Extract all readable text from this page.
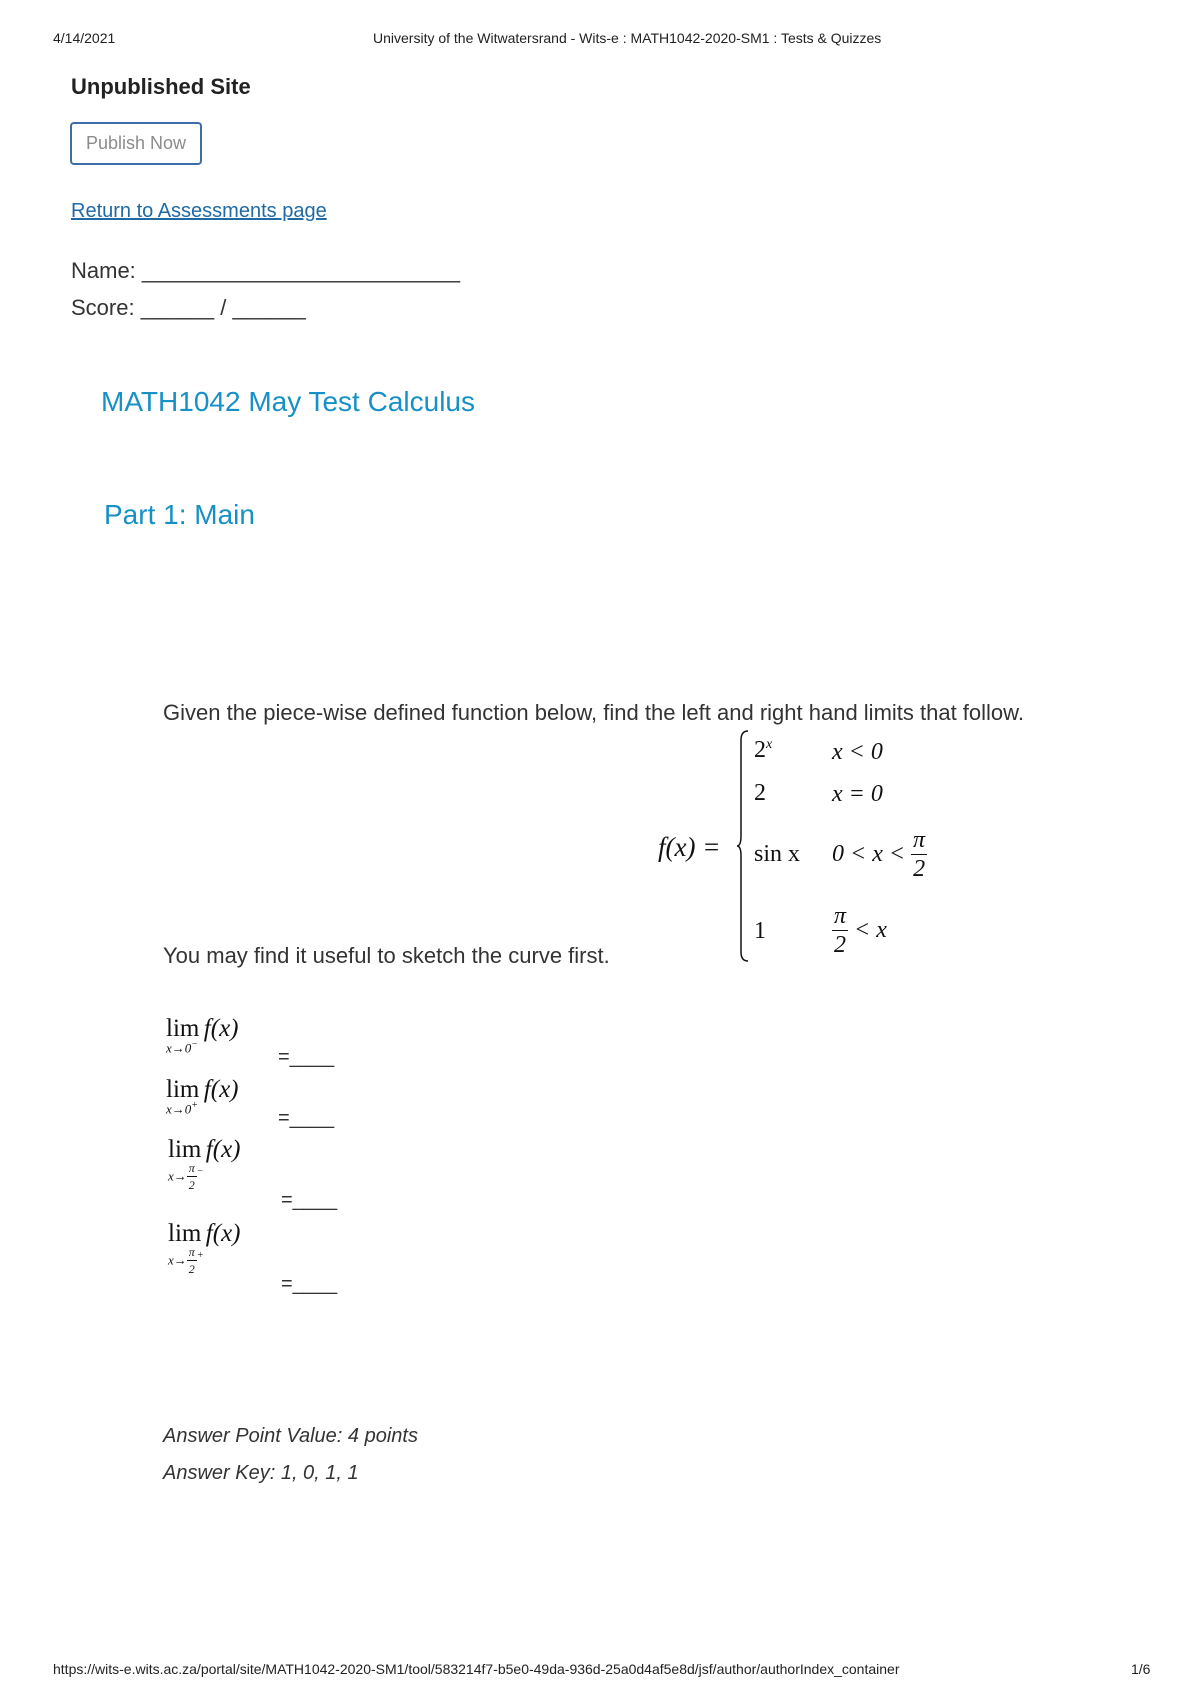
4/14/2021	University of the Witwatersrand - Wits-e : MATH1042-2020-SM1 : Tests & Quizzes
Unpublished Site
Publish Now
Return to Assessments page
Name: __________________________
Score: ______ / ______
MATH1042 May Test Calculus
Part 1: Main
Given the piece-wise defined function below, find the left and right hand limits that follow.
f(x) =
$2^x$ x < 0
2	x = 0
sin x $0 < x < \frac{\pi}{2}$
1	$\frac{\pi}{2} < x$
You may find it useful to sketch the curve first.
lim f(x)
x→0−
=____
lim f(x)
x→0+
=____
lim f(x)
$x\to \frac{\pi}{2} ^-$
=____
lim f(x)
$x\to \frac{\pi}{2} ^+$
=____
Answer Point Value: 4 points
Answer Key: 1, 0, 1, 1
https://wits-e.wits.ac.za/portal/site/MATH1042-2020-SM1/tool/583214f7-b5e0-49da-936d-25a0d4af5e8d/jsf/author/authorIndex_container	1/6
